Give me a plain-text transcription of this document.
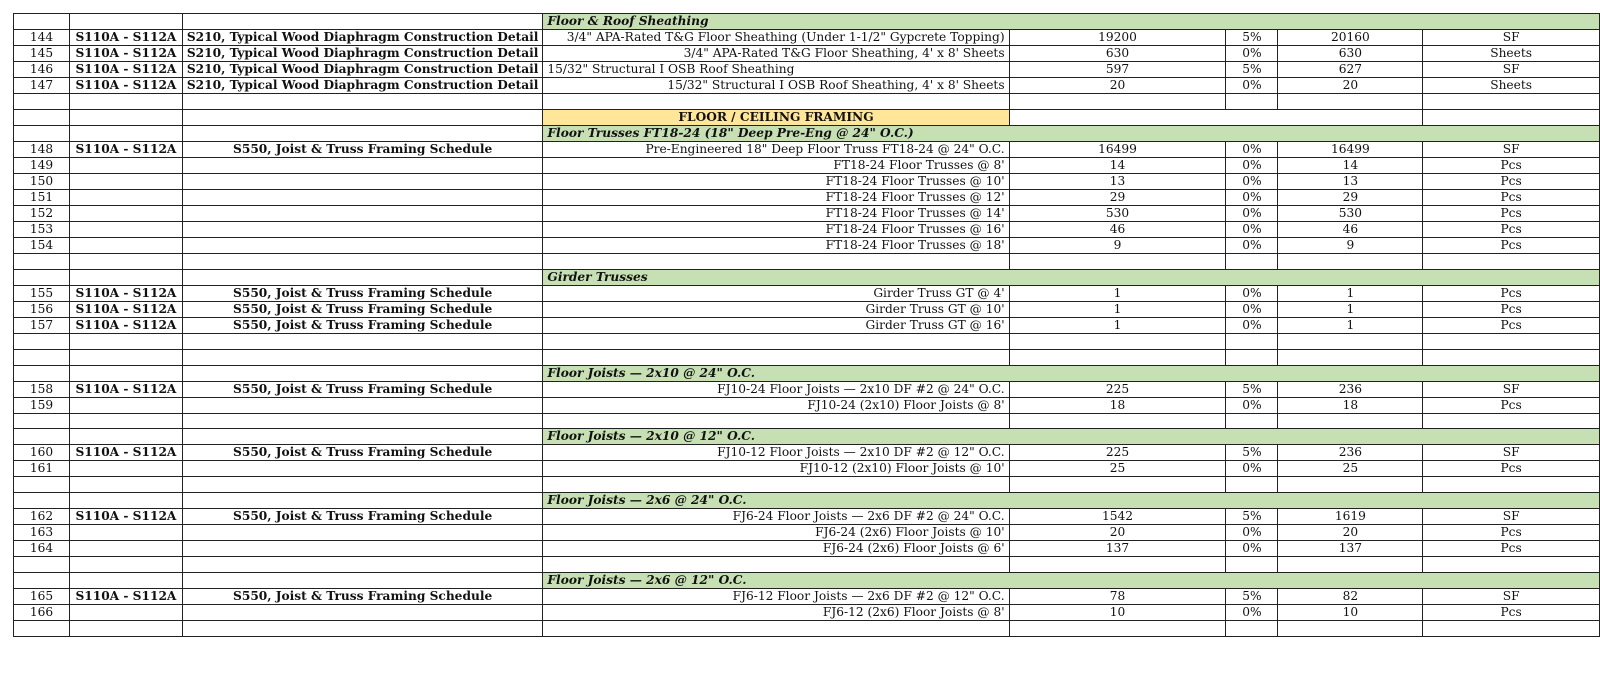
			Floor & Roof Sheathing				
144	S110A - S112A	S210, Typical Wood Diaphragm Construction Detail	3/4" APA-Rated T&G Floor Sheathing (Under 1-1/2" Gypcrete Topping)	19200	5%	20160	SF
145	S110A - S112A	S210, Typical Wood Diaphragm Construction Detail	3/4" APA-Rated T&G Floor Sheathing, 4' x 8' Sheets	630	0%	630	Sheets
146	S110A - S112A	S210, Typical Wood Diaphragm Construction Detail	15/32" Structural I OSB Roof Sheathing	597	5%	627	SF
147	S110A - S112A	S210, Typical Wood Diaphragm Construction Detail	15/32" Structural I OSB Roof Sheathing, 4' x 8' Sheets	20	0%	20	Sheets

			FLOOR / CEILING FRAMING				
			Floor Trusses FT18-24 (18" Deep Pre-Eng @ 24" O.C.)				
148	S110A - S112A	S550, Joist & Truss Framing Schedule	Pre-Engineered 18" Deep Floor Truss FT18-24 @ 24" O.C.	16499	0%	16499	SF
149			FT18-24 Floor Trusses @ 8'	14	0%	14	Pcs
150			FT18-24 Floor Trusses @ 10'	13	0%	13	Pcs
151			FT18-24 Floor Trusses @ 12'	29	0%	29	Pcs
152			FT18-24 Floor Trusses @ 14'	530	0%	530	Pcs
153			FT18-24 Floor Trusses @ 16'	46	0%	46	Pcs
154			FT18-24 Floor Trusses @ 18'	9	0%	9	Pcs

			Girder Trusses				
155	S110A - S112A	S550, Joist & Truss Framing Schedule	Girder Truss GT @ 4'	1	0%	1	Pcs
156	S110A - S112A	S550, Joist & Truss Framing Schedule	Girder Truss GT @ 10'	1	0%	1	Pcs
157	S110A - S112A	S550, Joist & Truss Framing Schedule	Girder Truss GT @ 16'	1	0%	1	Pcs

			Floor Joists — 2x10 @ 24" O.C.				
158	S110A - S112A	S550, Joist & Truss Framing Schedule	FJ10-24 Floor Joists — 2x10 DF #2 @ 24" O.C.	225	5%	236	SF
159			FJ10-24 (2x10) Floor Joists @ 8'	18	0%	18	Pcs

			Floor Joists — 2x10 @ 12" O.C.				
160	S110A - S112A	S550, Joist & Truss Framing Schedule	FJ10-12 Floor Joists — 2x10 DF #2 @ 12" O.C.	225	5%	236	SF
161			FJ10-12 (2x10) Floor Joists @ 10'	25	0%	25	Pcs

			Floor Joists — 2x6 @ 24" O.C.				
162	S110A - S112A	S550, Joist & Truss Framing Schedule	FJ6-24 Floor Joists — 2x6 DF #2 @ 24" O.C.	1542	5%	1619	SF
163			FJ6-24 (2x6) Floor Joists @ 10'	20	0%	20	Pcs
164			FJ6-24 (2x6) Floor Joists @ 6'	137	0%	137	Pcs

			Floor Joists — 2x6 @ 12" O.C.				
165	S110A - S112A	S550, Joist & Truss Framing Schedule	FJ6-12 Floor Joists — 2x6 DF #2 @ 12" O.C.	78	5%	82	SF
166			FJ6-12 (2x6) Floor Joists @ 8'	10	0%	10	Pcs
